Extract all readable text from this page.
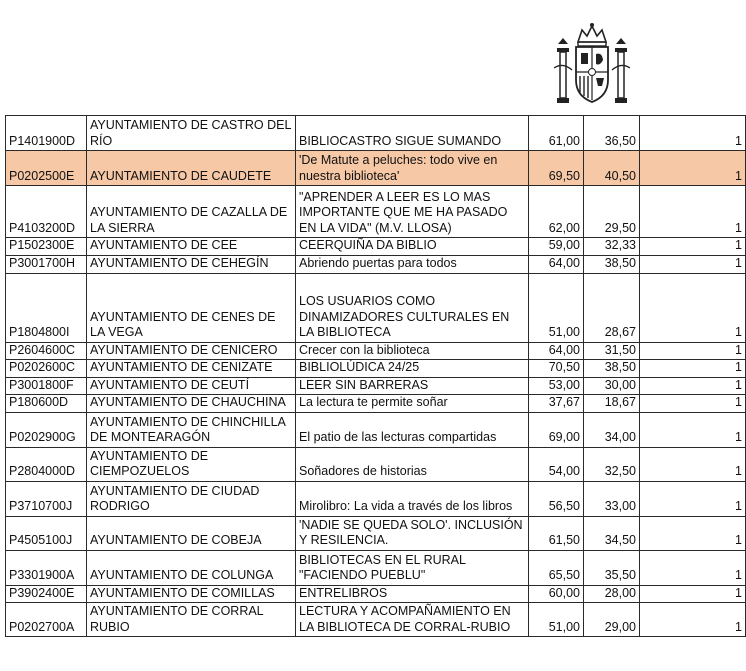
P1401900D	AYUNTAMIENTO DE CASTRO DEL RÍO	BIBLIOCASTRO SIGUE SUMANDO	61,00	36,50	1
P0202500E	AYUNTAMIENTO DE CAUDETE	'De Matute a peluches: todo vive en nuestra biblioteca'	69,50	40,50	1
P4103200D	AYUNTAMIENTO DE CAZALLA DE LA SIERRA	"APRENDER A LEER ES LO MAS IMPORTANTE QUE ME HA PASADO EN LA VIDA" (M.V. LLOSA)	62,00	29,50	1
P1502300E	AYUNTAMIENTO DE CEE	CEERQUIÑA DA BIBLIO	59,00	32,33	1
P3001700H	AYUNTAMIENTO DE CEHEGÍN	Abriendo puertas para todos	64,00	38,50	1
P1804800I	AYUNTAMIENTO DE CENES DE LA VEGA	LOS USUARIOS COMO DINAMIZADORES CULTURALES EN LA BIBLIOTECA	51,00	28,67	1
P2604600C	AYUNTAMIENTO DE CENICERO	Crecer con la biblioteca	64,00	31,50	1
P0202600C	AYUNTAMIENTO DE CENIZATE	BIBLIOLÚDICA 24/25	70,50	38,50	1
P3001800F	AYUNTAMIENTO DE CEUTÍ	LEER SIN BARRERAS	53,00	30,00	1
P180600D	AYUNTAMIENTO DE CHAUCHINA	La lectura te permite soñar	37,67	18,67	1
P0202900G	AYUNTAMIENTO DE CHINCHILLA DE MONTEARAGÓN	El patio de las lecturas compartidas	69,00	34,00	1
P2804000D	AYUNTAMIENTO DE CIEMPOZUELOS	Soñadores de historias	54,00	32,50	1
P3710700J	AYUNTAMIENTO DE CIUDAD RODRIGO	Mirolibro: La vida a través de los libros	56,50	33,00	1
P4505100J	AYUNTAMIENTO DE COBEJA	'NADIE SE QUEDA SOLO'. INCLUSIÓN Y RESILENCIA.	61,50	34,50	1
P3301900A	AYUNTAMIENTO DE COLUNGA	BIBLIOTECAS EN EL RURAL "FACIENDO PUEBLU"	65,50	35,50	1
P3902400E	AYUNTAMIENTO DE COMILLAS	ENTRELIBROS	60,00	28,00	1
P0202700A	AYUNTAMIENTO DE CORRAL RUBIO	LECTURA Y ACOMPAÑAMIENTO EN LA BIBLIOTECA DE CORRAL-RUBIO	51,00	29,00	1
